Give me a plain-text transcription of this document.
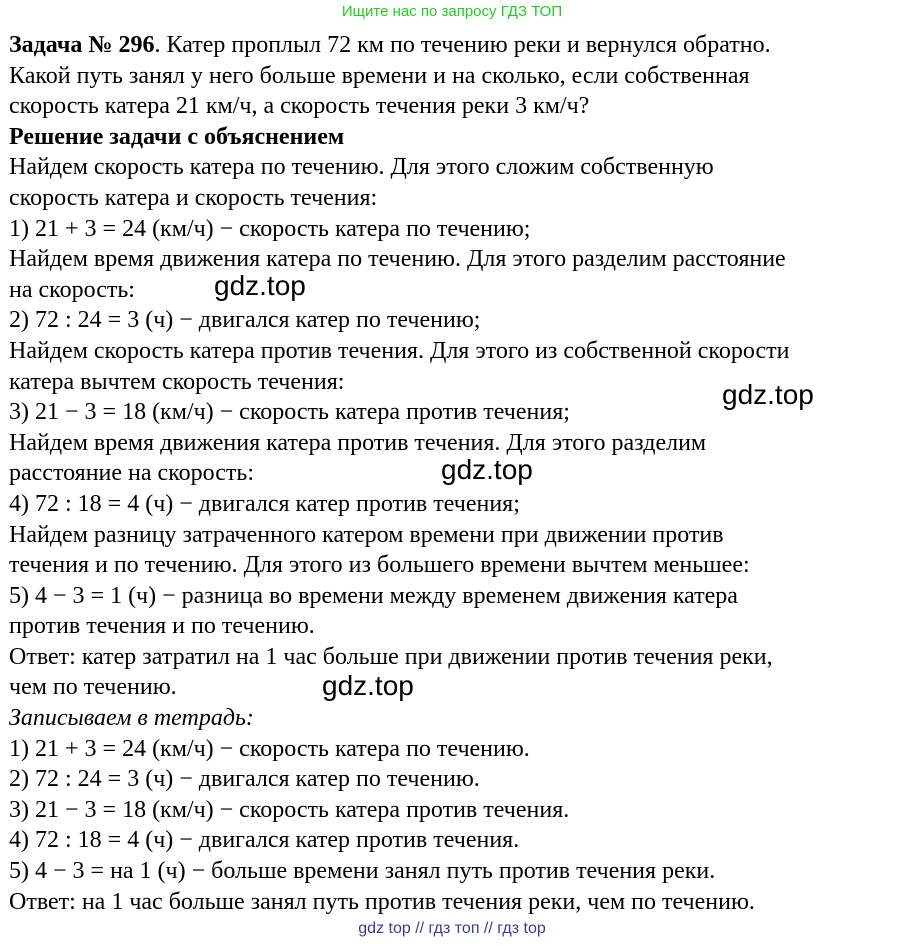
Ищите нас по запросу ГДЗ ТОП
Задача № 296. Катер проплыл 72 км по течению реки и вернулся обратно.
Какой путь занял у него больше времени и на сколько, если собственная
скорость катера 21 км/ч, а скорость течения реки 3 км/ч?
Решение задачи с объяснением
Найдем скорость катера по течению. Для этого сложим собственную
скорость катера и скорость течения:
1) 21 + 3 = 24 (км/ч) − скорость катера по течению;
Найдем время движения катера по течению. Для этого разделим расстояние
на скорость:
2) 72 : 24 = 3 (ч) − двигался катер по течению;
Найдем скорость катера против течения. Для этого из собственной скорости
катера вычтем скорость течения:
3) 21 − 3 = 18 (км/ч) − скорость катера против течения;
Найдем время движения катера против течения. Для этого разделим
расстояние на скорость:
4) 72 : 18 = 4 (ч) − двигался катер против течения;
Найдем разницу затраченного катером времени при движении против
течения и по течению. Для этого из большего времени вычтем меньшее:
5) 4 − 3 = 1 (ч) − разница во времени между временем движения катера
против течения и по течению.
Ответ: катер затратил на 1 час больше при движении против течения реки,
чем по течению.
Записываем в тетрадь:
1) 21 + 3 = 24 (км/ч) − скорость катера по течению.
2) 72 : 24 = 3 (ч) − двигался катер по течению.
3) 21 − 3 = 18 (км/ч) − скорость катера против течения.
4) 72 : 18 = 4 (ч) − двигался катер против течения.
5) 4 − 3 = на 1 (ч) − больше времени занял путь против течения реки.
Ответ: на 1 час больше занял путь против течения реки, чем по течению.
gdz.top
gdz.top
gdz.top
gdz.top
gdz top // гдз топ // гдз top
